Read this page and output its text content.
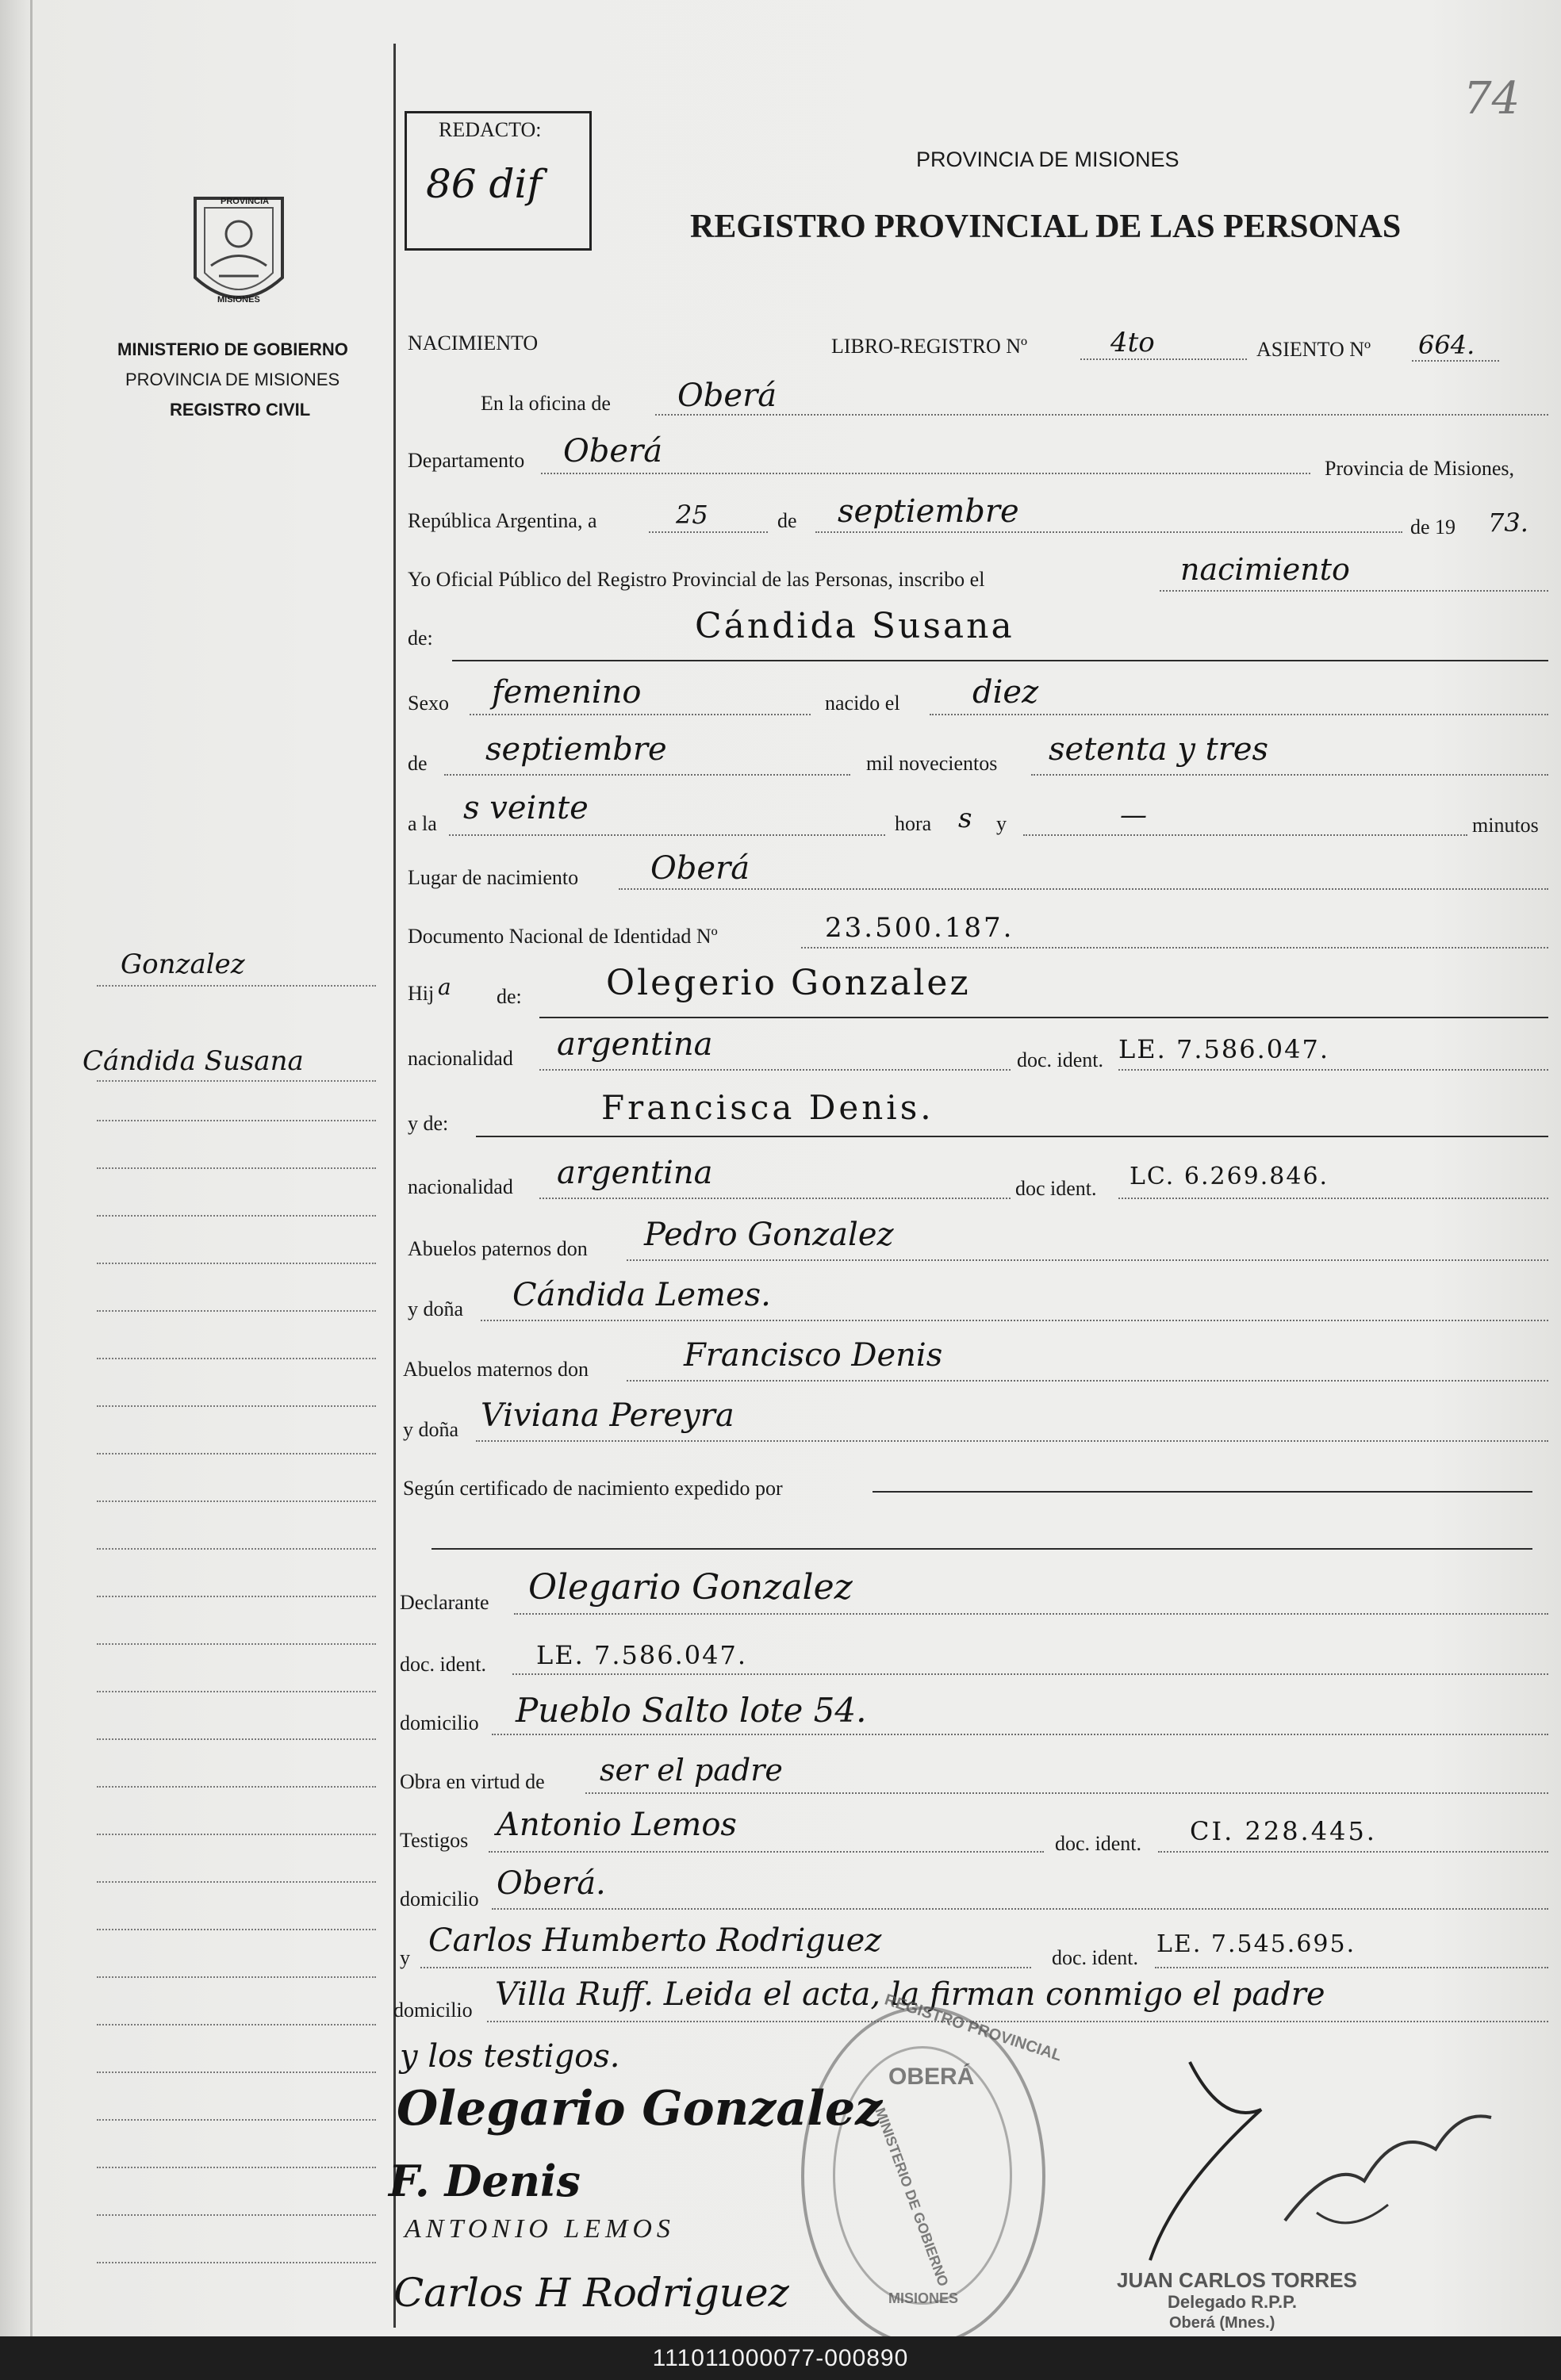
74
REDACTO:
86 dif
PROVINCIA
MISIONES
MINISTERIO DE GOBIERNO
PROVINCIA DE MISIONES
REGISTRO CIVIL
PROVINCIA DE MISIONES
REGISTRO PROVINCIAL DE LAS PERSONAS
Gonzalez
Cándida Susana
NACIMIENTO	LIBRO-REGISTRO Nº	4to	ASIENTO Nº 664.
En la oficina de Oberá
Departamento Oberá	Provincia de Misiones,
República Argentina, a	25	de septiembre	de 19 73.
Yo Oficial Público del Registro Provincial de las Personas, inscribo el	nacimiento
de:	Cándida Susana
Sexo femenino	nacido el diez
de septiembre	mil novecientos setenta y tres
a la s veinte	hora s y	—	minutos
Lugar de nacimiento Oberá
Documento Nacional de Identidad Nº	23.500.187.
Hij a de: Olegerio Gonzalez
nacionalidad argentina	doc. ident. LE. 7.586.047.
y de:	Francisca Denis.
nacionalidad argentina	doc ident. LC. 6.269.846.
Abuelos paternos don Pedro Gonzalez
y doña Cándida Lemes.
Abuelos maternos don	Francisco Denis
y doña Viviana Pereyra
Según certificado de nacimiento expedido por
Declarante Olegario Gonzalez
doc. ident. LE. 7.586.047.
domicilio Pueblo Salto lote 54.
Obra en virtud de ser el padre
Testigos Antonio Lemos
doc. ident. CI. 228.445.
domicilio Oberá.
y Carlos Humberto Rodriguez	doc. ident. LE. 7.545.695.
domicilio Villa Ruff. Leida el acta, la firman conmigo el padre
y los testigos.	REGISTRO PROVINCIAL
OBERÁ
MINISTERIO DE GOBIERNO
MISIONES
Olegario Gonzalez
F. Denis
ANTONIO LEMOS
Carlos H Rodriguez	JUAN CARLOS TORRES
Delegado R.P.P.
Oberá (Mnes.)
111011000077-000890
